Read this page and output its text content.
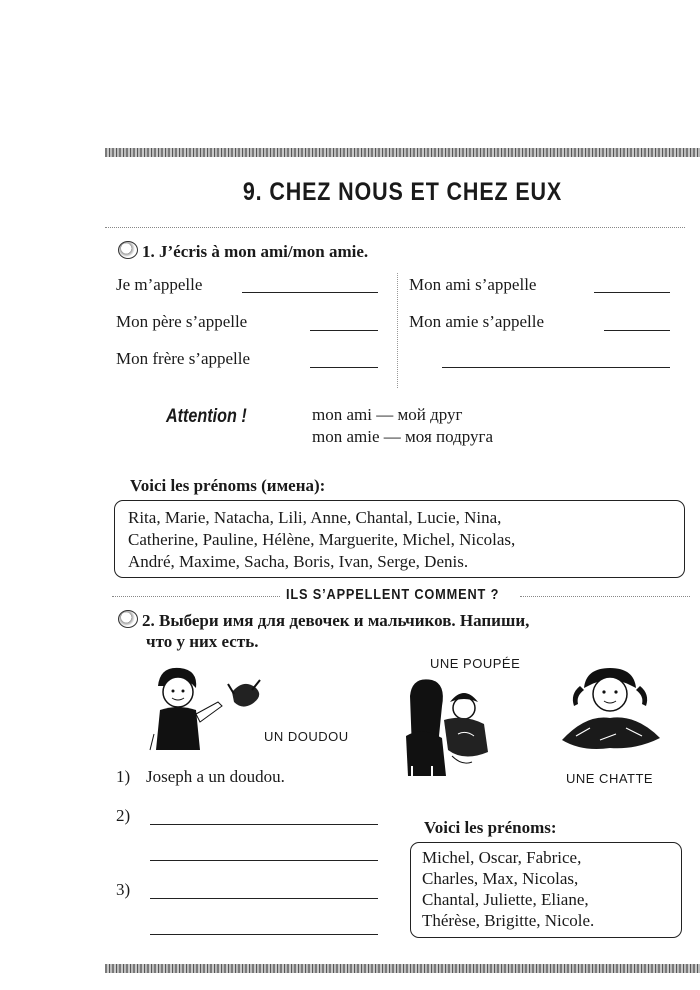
9. CHEZ NOUS ET CHEZ EUX
1. J’écris à mon ami/mon amie.
Je m’appelle
Mon père s’appelle
Mon frère s’appelle
Mon ami s’appelle
Mon amie s’appelle
Attention !	mon ami — мой друг
mon amie — моя подруга
Voici les prénoms (имена):
Rita, Marie, Natacha, Lili, Anne, Chantal, Lucie, Nina,
Catherine, Pauline, Hélène, Marguerite, Michel, Nicolas,
André, Maxime, Sacha, Boris, Ivan, Serge, Denis.
ILS S’APPELLENT COMMENT ?
2. Выбери имя для девочек и мальчиков. Напиши,
что у них есть.
UN DOUDOU
UNE POUPÉE
UNE CHATTE
1) Joseph a un doudou.
2)
3)
Voici les prénoms:
Michel, Oscar, Fabrice,
Charles, Max, Nicolas,
Chantal, Juliette, Eliane,
Thérèse, Brigitte, Nicole.
